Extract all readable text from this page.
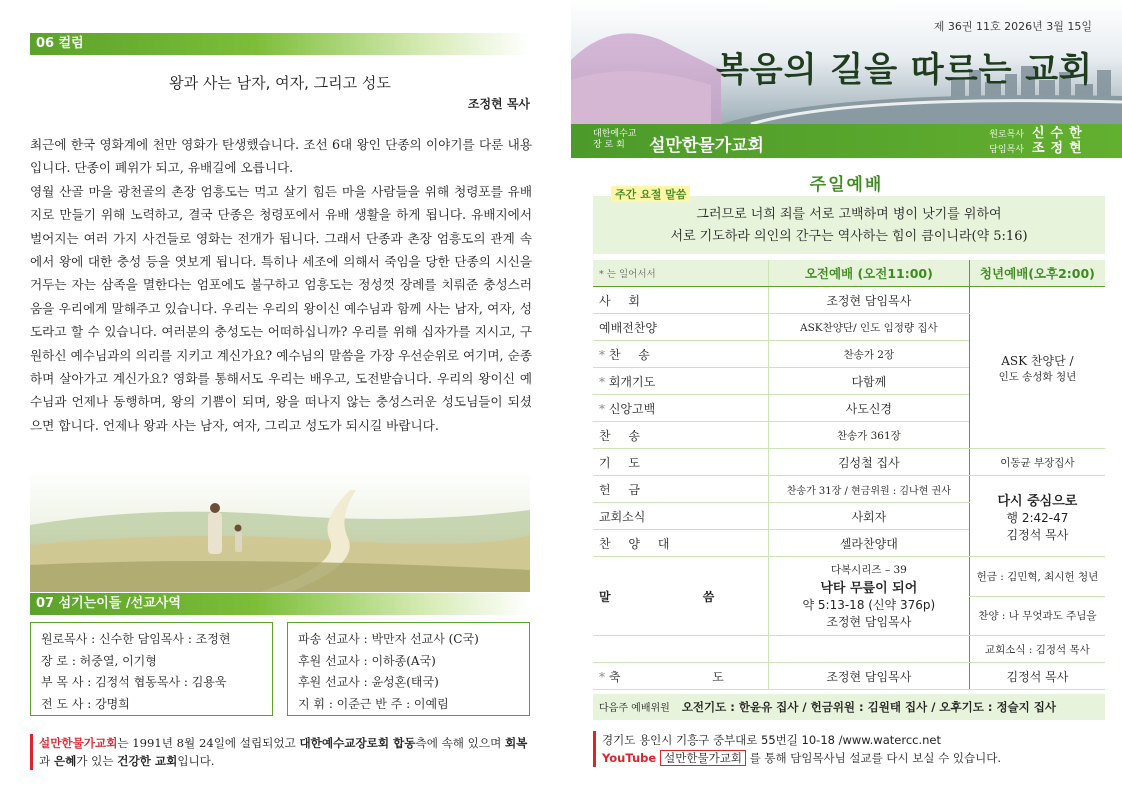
06 컬럼
왕과 사는 남자, 여자, 그리고 성도
조정현 목사

최근에 한국 영화계에 천만 영화가 탄생했습니다. 조선 6대 왕인 단종의 이야기를 다룬 내용입니다. 단종이 폐위가 되고, 유배길에 오릅니다.

영월 산골 마을 광천골의 촌장 엄흥도는 먹고 살기 힘든 마을 사람들을 위해 청령포를 유배지로 만들기 위해 노력하고, 결국 단종은 청령포에서 유배 생활을 하게 됩니다. 유배지에서 벌어지는 여러 가지 사건들로 영화는 전개가 됩니다. 그래서 단종과 촌장 엄흥도의 관계 속에서 왕에 대한 충성 등을 엿보게 됩니다. 특히나 세조에 의해서 죽임을 당한 단종의 시신을 거두는 자는 삼족을 멸한다는 엄포에도 불구하고 엄흥도는 정성껏 장례를 치뤄준 충성스러움을 우리에게 말해주고 있습니다. 우리는 우리의 왕이신 예수님과 함께 사는 남자, 여자, 성도라고 할 수 있습니다. 여러분의 충성도는 어떠하십니까? 우리를 위해 십자가를 지시고, 구원하신 예수님과의 의리를 지키고 계신가요? 예수님의 말씀을 가장 우선순위로 여기며, 순종하며 살아가고 계신가요? 영화를 통해서도 우리는 배우고, 도전받습니다. 우리의 왕이신 예수님과 언제나 동행하며, 왕의 기쁨이 되며, 왕을 떠나지 않는 충성스러운 성도님들이 되셨으면 합니다. 언제나 왕과 사는 남자, 여자, 그리고 성도가 되시길 바랍니다.

07 섬기는이들 /선교사역
원로목사 : 신수한 담임목사 : 조정현
장 로 : 허중열, 이기형
부 목 사 : 김정석 협동목사 : 김용욱
전 도 사 : 강명희
파송 선교사 : 박만자 선교사 (C국)
후원 선교사 : 이하종(A국)
후원 선교사 : 윤성혼(태국)
지 휘 : 이준근 반 주 : 이예림
설만한물가교회는 1991년 8월 24일에 설립되었고 대한예수교장로회 합동측에 속해 있으며 회복과 은혜가 있는 건강한 교회입니다.
제 36권 11호 2026년 3월 15일
복음의 길을 따르는 교회
대한예수교
장 로 회	설만한물가교회
원로목사 신수한
담임목사 조정현
주일예배
그러므로 너희 죄를 서로 고백하며 병이 낫기를 위하여
서로 기도하라 의인의 간구는 역사하는 힘이 큼이니라(약 5:16)
주간 요절 말씀
* 는 일어서서	오전예배 (오전11:00)	청년예배(오후2:00)
사 회	조정현 담임목사	ASK 찬양단 /
인도 송성화 청년

예배전찬양	ASK찬양단/ 인도 임정량 집사	
* 찬 송	찬송가 2장	
* 회개기도	다함께	
* 신앙고백	사도신경	
찬 송	찬송가 361장	
기 도	김성철 집사	이동균 부장집사
헌 금	찬송가 31장 / 현금위원 : 김나현 권사	다시 중심으로
행 2:42-47
김정석 목사

교회소식	사회자	
찬 양 대	셀라찬양대	
말 씀	다복시리즈 – 39
낙타 무릎이 되어
약 5:13-18 (신약 376p)
조정현 담임목사	

		헌금 : 김민혁, 최시헌 청년
		찬양 : 나 무엇과도 주님을
		교회소식 : 김정석 목사
* 축 도	조정현 담임목사	김정석 목사
다음주 예배위원 오전기도 : 한윤유 집사 / 헌금위원 : 김원태 집사 / 오후기도 : 정슬지 집사
경기도 용인시 기흥구 중부대로 55번길 10-18 /www.watercc.net
YouTube 설만한물가교회 를 통해 담임목사님 설교를 다시 보실 수 있습니다.
